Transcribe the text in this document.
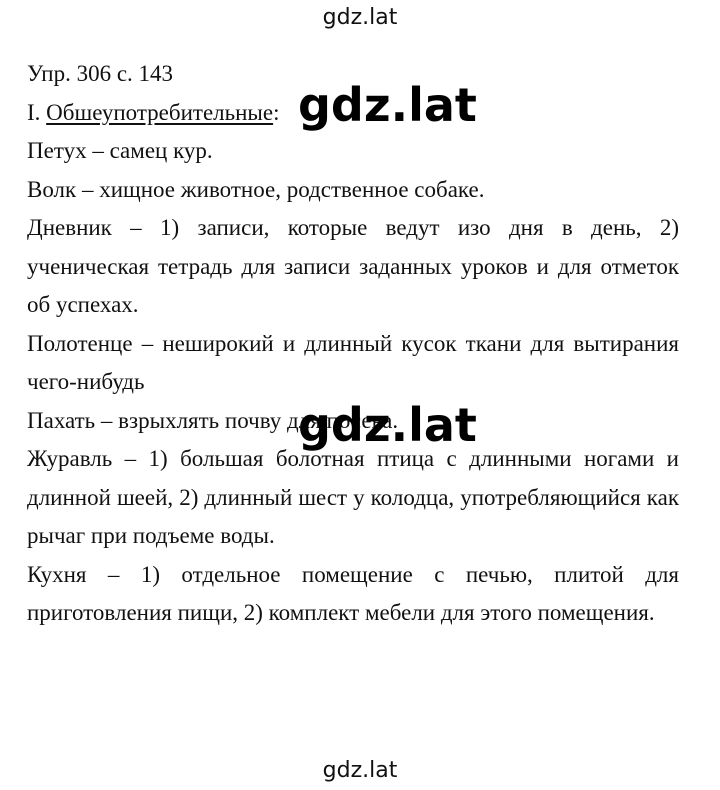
gdz.lat

Упр. 306 с. 143

I. Обшеупотребительные:

Петух – самец кур.

Волк – хищное животное, родственное собаке.

Дневник – 1) записи, которые ведут изо дня в день, 2) ученическая тетрадь для записи заданных уроков и для отметок об успехах.

Полотенце – неширокий и длинный кусок ткани для вытирания чего-нибудь

Пахать – взрыхлять почву для посева.

Журавль – 1) большая болотная птица с длинными ногами и длинной шеей, 2) длинный шест у колодца, употребляющийся как рычаг при подъеме воды.

Кухня – 1) отдельное помещение с печью, плитой для приготовления пищи, 2) комплект мебели для этого помещения.

gdz.lat
gdz.lat
gdz.lat
